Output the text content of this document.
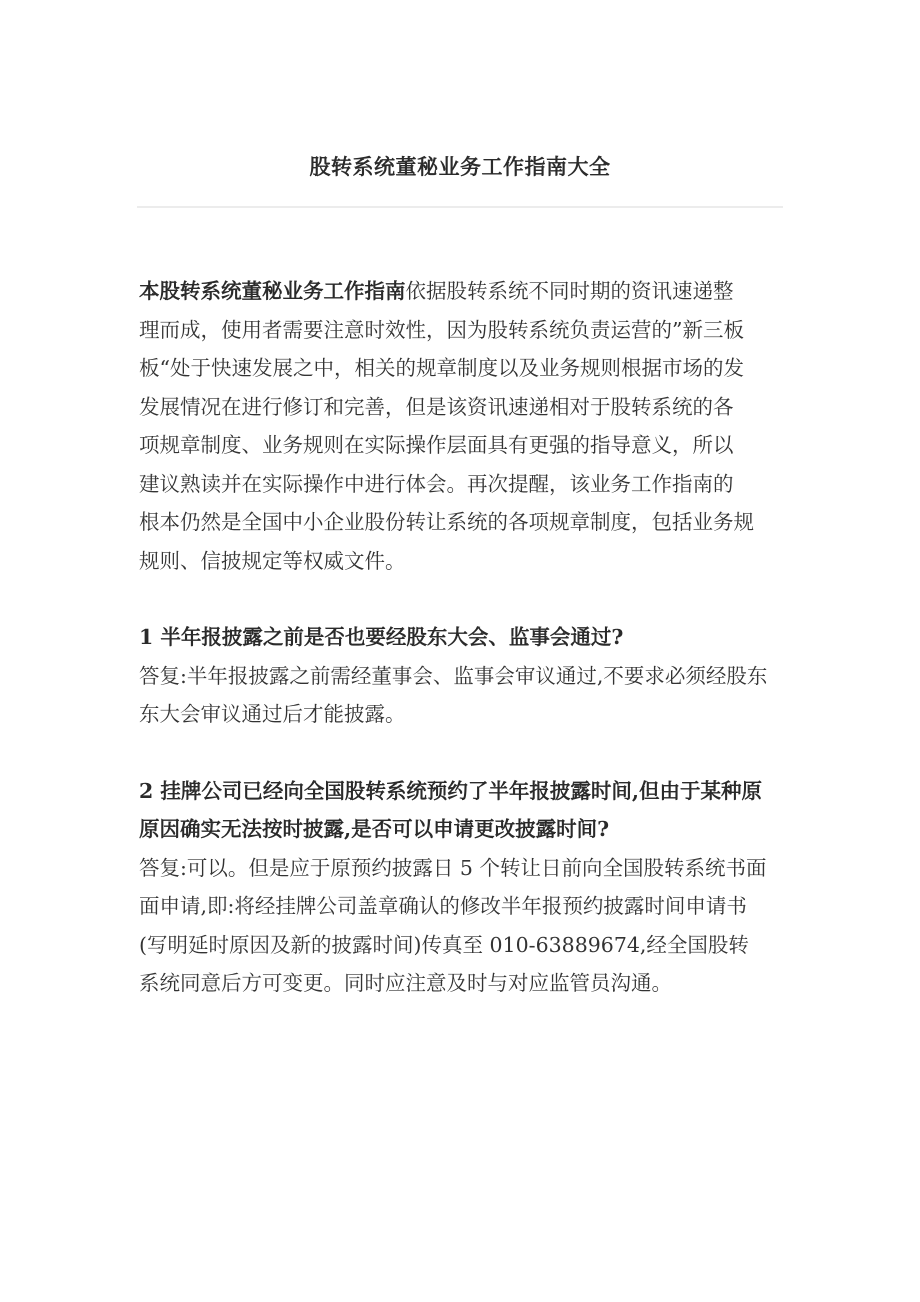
股转系统董秘业务工作指南大全
本股转系统董秘业务工作指南依据股转系统不同时期的资讯速递整
理而成，使用者需要注意时效性，因为股转系统负责运营的”新三板
板“处于快速发展之中，相关的规章制度以及业务规则根据市场的发
发展情况在进行修订和完善，但是该资讯速递相对于股转系统的各
项规章制度、业务规则在实际操作层面具有更强的指导意义，所以
建议熟读并在实际操作中进行体会。再次提醒，该业务工作指南的
根本仍然是全国中小企业股份转让系统的各项规章制度，包括业务规
规则、信披规定等权威文件。
1 半年报披露之前是否也要经股东大会、监事会通过?
答复:半年报披露之前需经董事会、监事会审议通过,不要求必须经股东
东大会审议通过后才能披露。
2 挂牌公司已经向全国股转系统预约了半年报披露时间,但由于某种原
原因确实无法按时披露,是否可以申请更改披露时间?
答复:可以。但是应于原预约披露日 5 个转让日前向全国股转系统书面
面申请,即:将经挂牌公司盖章确认的修改半年报预约披露时间申请书
(写明延时原因及新的披露时间)传真至 010-63889674,经全国股转
系统同意后方可变更。同时应注意及时与对应监管员沟通。
